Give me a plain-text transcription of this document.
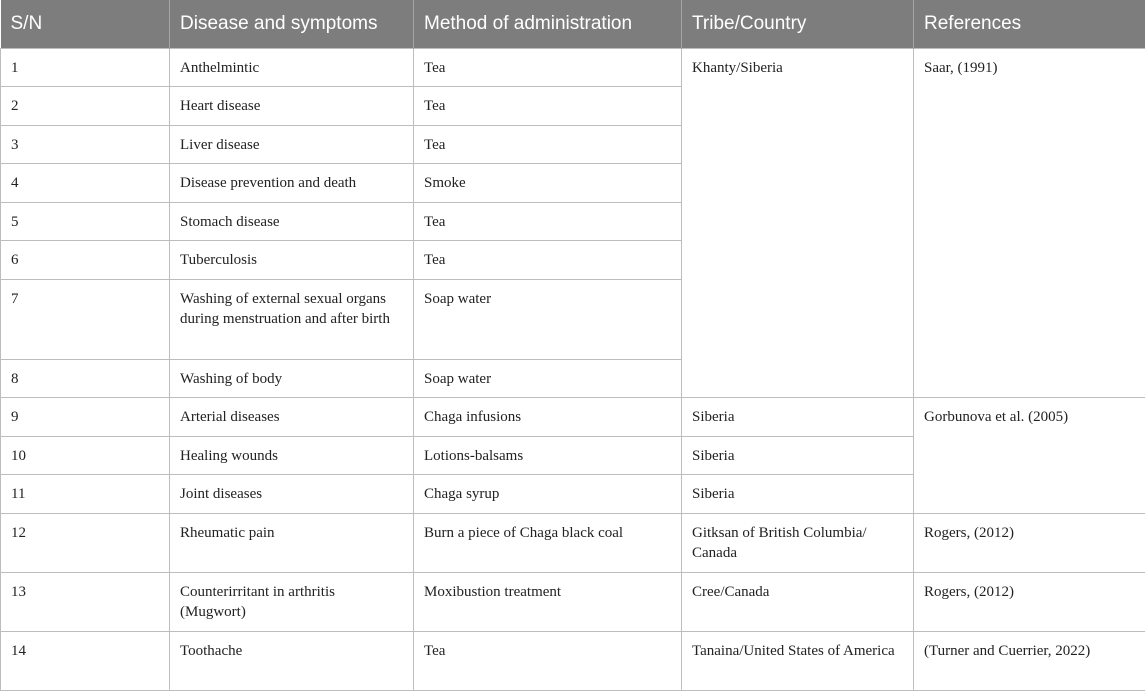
S/N	Disease and symptoms	Method of administration	Tribe/Country	References
1	Anthelmintic	Tea	Khanty/Siberia	Saar, (1991)
2	Heart disease	Tea		
3	Liver disease	Tea		
4	Disease prevention and death	Smoke		
5	Stomach disease	Tea		
6	Tuberculosis	Tea		
7	Washing of external sexual organs during menstruation and after birth	Soap water		
8	Washing of body	Soap water		
9	Arterial diseases	Chaga infusions	Siberia	Gorbunova et al. (2005)
10	Healing wounds	Lotions-balsams	Siberia	
11	Joint diseases	Chaga syrup	Siberia	
12	Rheumatic pain	Burn a piece of Chaga black coal	Gitksan of British Columbia/ Canada	Rogers, (2012)
13	Counterirritant in arthritis (Mugwort)	Moxibustion treatment	Cree/Canada	Rogers, (2012)
14	Toothache	Tea	Tanaina/United States of America	(Turner and Cuerrier, 2022)
